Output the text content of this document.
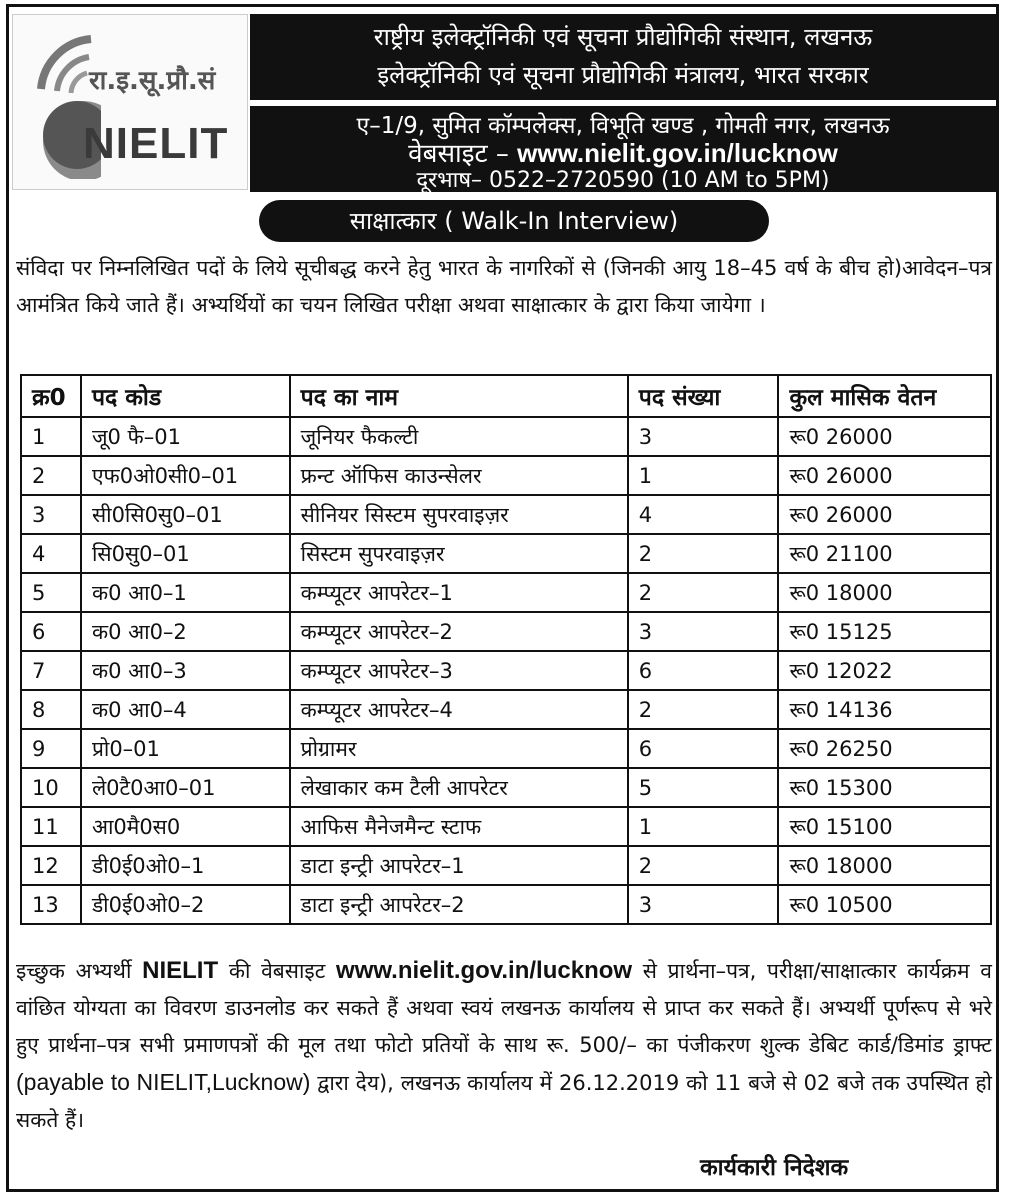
रा.इ.सू.प्रौ.सं
NIELIT
राष्ट्रीय इलेक्ट्रॉनिकी एवं सूचना प्रौद्योगिकी संस्थान, लखनऊ
इलेक्ट्रॉनिकी एवं सूचना प्रौद्योगिकी मंत्रालय, भारत सरकार
ए–1/9, सुमित कॉम्पलेक्स, विभूति खण्ड , गोमती नगर, लखनऊ
वेबसाइट – www.nielit.gov.in/lucknow
दूरभाष– 0522–2720590 (10 AM to 5PM)
साक्षात्कार ( Walk-In Interview)
संविदा पर निम्नलिखित पदों के लिये सूचीबद्ध करने हेतु भारत के नागरिकों से (जिनकी आयु 18–45 वर्ष के बीच हो)आवेदन–पत्र आमंत्रित किये जाते हैं। अभ्यर्थियों का चयन लिखित परीक्षा अथवा साक्षात्कार के द्वारा किया जायेगा ।
क्र0	पद कोड	पद का नाम	पद संख्या	कुल मासिक वेतन
1	जू0 फै–01	जूनियर फैकल्टी	3	रू0 26000
2	एफ0ओ0सी0–01	फ्रन्ट ऑफिस काउन्सेलर	1	रू0 26000
3	सी0सि0सु0–01	सीनियर सिस्टम सुपरवाइज़र	4	रू0 26000
4	सि0सु0–01	सिस्टम सुपरवाइज़र	2	रू0 21100
5	क0 आ0–1	कम्प्यूटर आपरेटर–1	2	रू0 18000
6	क0 आ0–2	कम्प्यूटर आपरेटर–2	3	रू0 15125
7	क0 आ0–3	कम्प्यूटर आपरेटर–3	6	रू0 12022
8	क0 आ0–4	कम्प्यूटर आपरेटर–4	2	रू0 14136
9	प्रो0–01	प्रोग्रामर	6	रू0 26250
10	ले0टै0आ0–01	लेखाकार कम टैली आपरेटर	5	रू0 15300
11	आ0मै0स0	आफिस मैनेजमैन्ट स्टाफ	1	रू0 15100
12	डी0ई0ओ0–1	डाटा इन्ट्री आपरेटर–1	2	रू0 18000
13	डी0ई0ओ0–2	डाटा इन्ट्री आपरेटर–2	3	रू0 10500
इच्छुक अभ्यर्थी NIELIT की वेबसाइट www.nielit.gov.in/lucknow से प्रार्थना–पत्र, परीक्षा/साक्षात्कार कार्यक्रम व वांछित योग्यता का विवरण डाउनलोड कर सकते हैं अथवा स्वयं लखनऊ कार्यालय से प्राप्त कर सकते हैं। अभ्यर्थी पूर्णरूप से भरे हुए प्रार्थना–पत्र सभी प्रमाणपत्रों की मूल तथा फोटो प्रतियों के साथ रू. 500/– का पंजीकरण शुल्क डेबिट कार्ड/डिमांड ड्राफ्ट (payable to NIELIT,Lucknow) द्वारा देय), लखनऊ कार्यालय में 26.12.2019 को 11 बजे से 02 बजे तक उपस्थित हो सकते हैं।
कार्यकारी निदेशक
